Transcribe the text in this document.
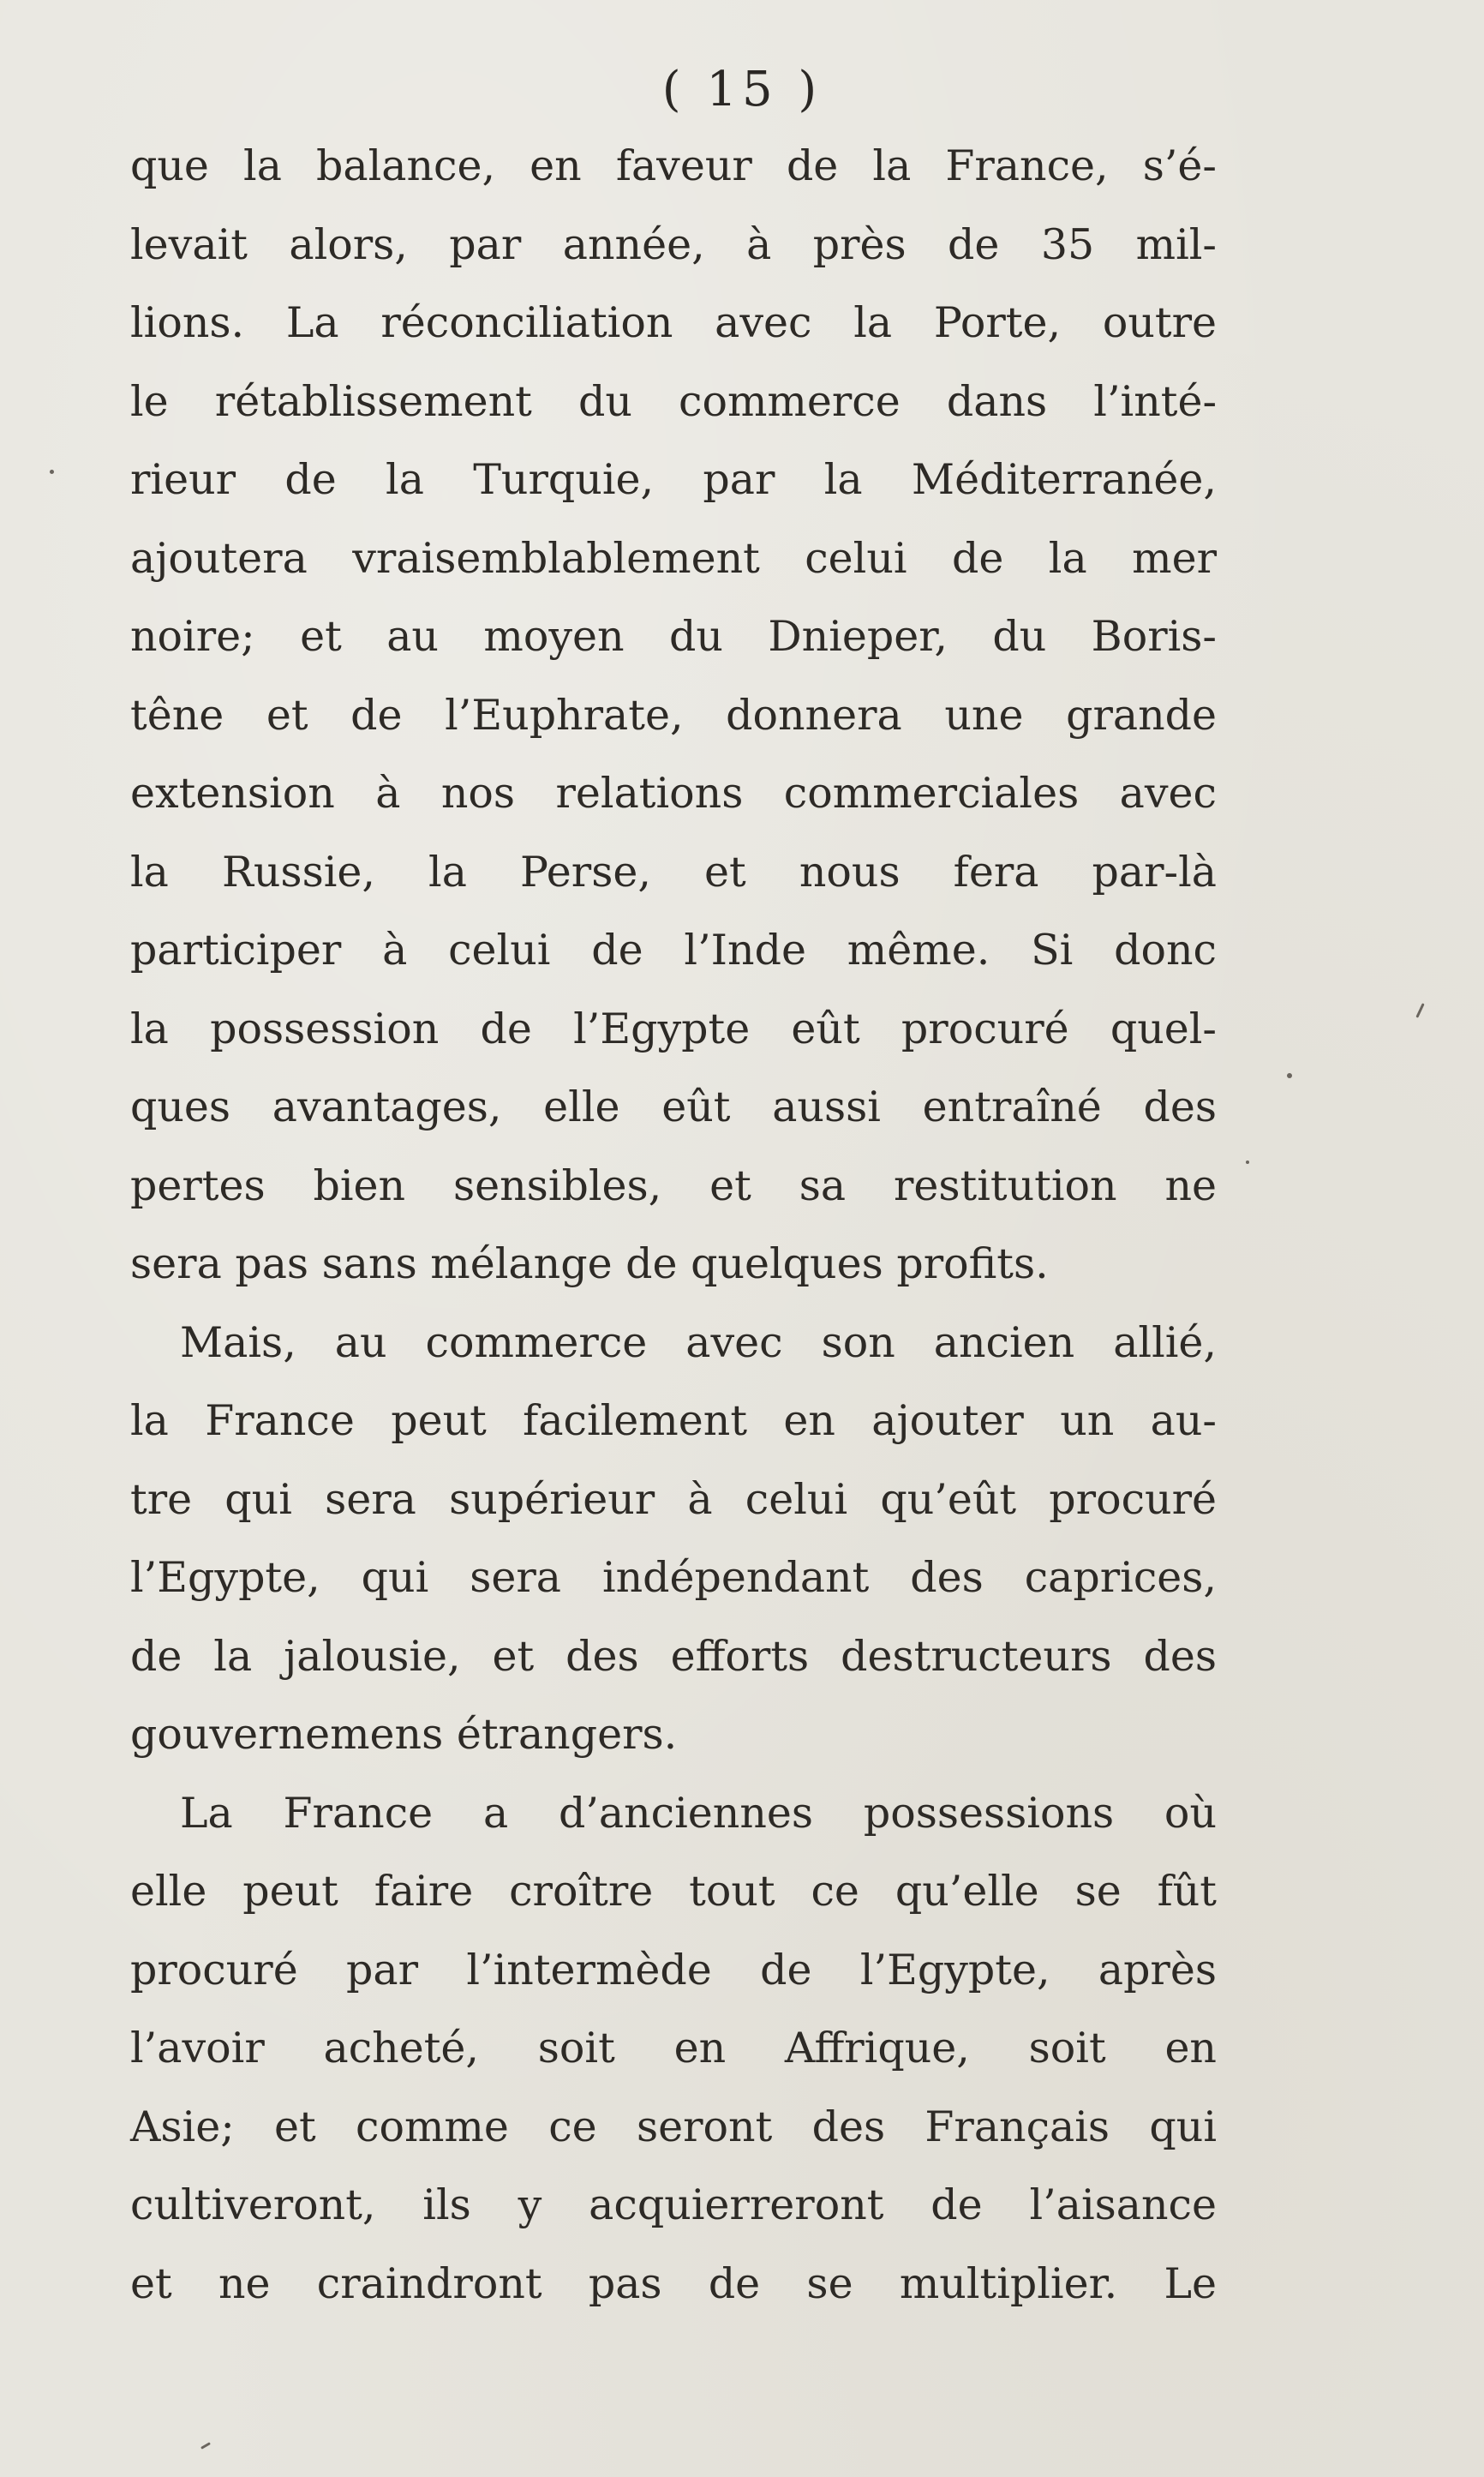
( 15 )
que la balance, en faveur de la France, s’é-
levait alors, par année, à près de 35 mil-
lions. La réconciliation avec la Porte, outre
le rétablissement du commerce dans l’inté-
rieur de la Turquie, par la Méditerranée,
ajoutera vraisemblablement celui de la mer
noire; et au moyen du Dnieper, du Boris-
têne et de l’Euphrate, donnera une grande
extension à nos relations commerciales avec
la Russie, la Perse, et nous fera par-là
participer à celui de l’Inde même. Si donc
la possession de l’Egypte eût procuré quel-
ques avantages, elle eût aussi entraîné des
pertes bien sensibles, et sa restitution ne
sera pas sans mélange de quelques profits.
Mais, au commerce avec son ancien allié,
la France peut facilement en ajouter un au-
tre qui sera supérieur à celui qu’eût procuré
l’Egypte, qui sera indépendant des caprices,
de la jalousie, et des efforts destructeurs des
gouvernemens étrangers.
La France a d’anciennes possessions où
elle peut faire croître tout ce qu’elle se fût
procuré par l’intermède de l’Egypte, après
l’avoir acheté, soit en Affrique, soit en
Asie; et comme ce seront des Français qui
cultiveront, ils y acquierreront de l’aisance
et ne craindront pas de se multiplier. Le
